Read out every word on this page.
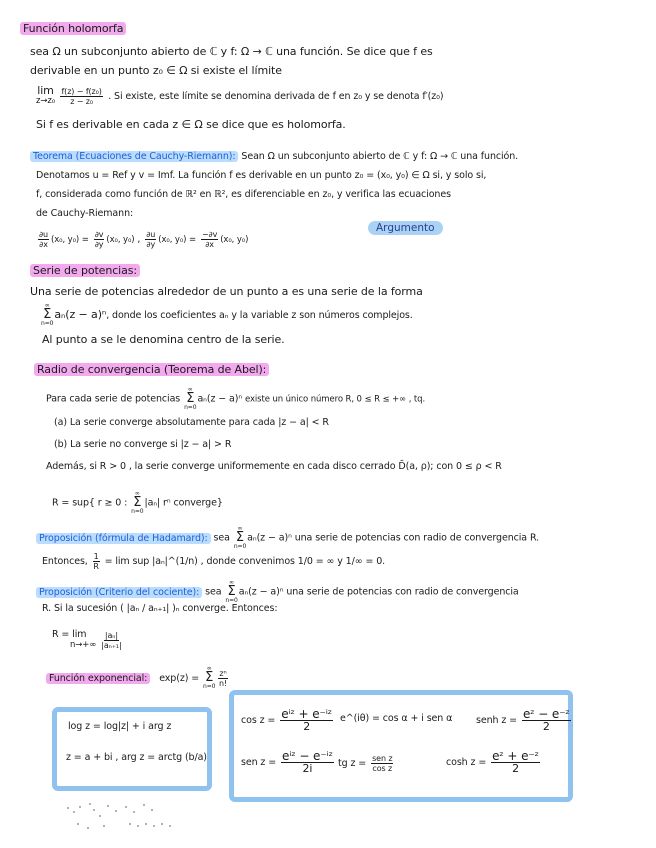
Función holomorfa
sea Ω un subconjunto abierto de ℂ y f: Ω → ℂ una función. Se dice que f es
derivable en un punto z₀ ∈ Ω si existe el límite
lim
z→z₀
$\frac{\text{f(z) − f(z₀)}}{\text{z − z₀}}$ . Si existe, este límite se denomina derivada de f en z₀ y se denota f′(z₀)
Si f es derivable en cada z ∈ Ω se dice que es holomorfa.
Teorema (Ecuaciones de Cauchy-Riemann): Sean Ω un subconjunto abierto de ℂ y f: Ω → ℂ una función.
Denotamos u = Ref y v = Imf. La función f es derivable en un punto z₀ = (x₀, y₀) ∈ Ω si, y solo si,
f, considerada como función de ℝ² en ℝ², es diferenciable en z₀, y verifica las ecuaciones
de Cauchy-Riemann:
$\frac{\partial u}{\partial x} (x_0$, $y_0) = \frac{\partial v}{\partial y} (x_0$, y₀) , $\frac{\partial u}{\partial y} (x_0$, $y_0) = \frac{-\partial v}{\partial x} (x_0$, y₀)
Argumento
Serie de potencias:
Una serie de potencias alrededor de un punto a es una serie de la forma
∞
Σ
n=0
aₙ(z − a)ⁿ, donde los coeficientes aₙ y la variable z son números complejos.
Al punto a se le denomina centro de la serie.
Radio de convergencia (Teorema de Abel):
Para cada serie de potencias
∞
Σ
n=0
aₙ(z − a)ⁿ existe un único número R, 0 ≤ R ≤ +∞ , tq.
(a) La serie converge absolutamente para cada |z − a| < R
(b) La serie no converge si |z − a| > R
Además, si R > 0 , la serie converge uniformemente en cada disco cerrado D̄(a, ρ); con 0 ≤ ρ < R
R = sup{ r ≥ 0 :
∞
Σ
n=0
|aₙ| rⁿ converge}
Proposición (fórmula de Hadamard): sea
∞
Σ
n=0
aₙ(z − a)ⁿ una serie de potencias con radio de convergencia R.
Entonces, $\frac{1}{R} = \lim$ sup |aₙ|^(1/n) , donde convenimos 1/0 = ∞ y 1/∞ = 0.
Proposición (Criterio del cociente): sea
∞
Σ
n=0
aₙ(z − a)ⁿ una serie de potencias con radio de convergencia
R. Si la sucesión ( |aₙ / aₙ₊₁| )ₙ converge. Entonces:
R = lim
n→+∞
$\frac{\text{|aₙ|}}{\text{|aₙ₊₁|}}$
Función exponencial: exp(z) =
∞
Σ
$n=0 \frac{\text{zⁿ}}{n!}$
log z = log|z| + i arg z
z = a + bi , arg z = arctg (b/a)
$\cos z = \frac{\text{eⁱᶻ + e⁻ⁱᶻ}}{2}$ e^(iθ) = cos α + i sen α senh $z = \frac{\text{eᶻ − e⁻ᶻ}}{2}$
sen $z = \frac{\text{eⁱᶻ − e⁻ⁱᶻ}}{2i}$ tg $z = \frac{\text{sen z}}{\text{cos z}}$	$\cosh z = \frac{\text{eᶻ + e⁻ᶻ}}{2}$
